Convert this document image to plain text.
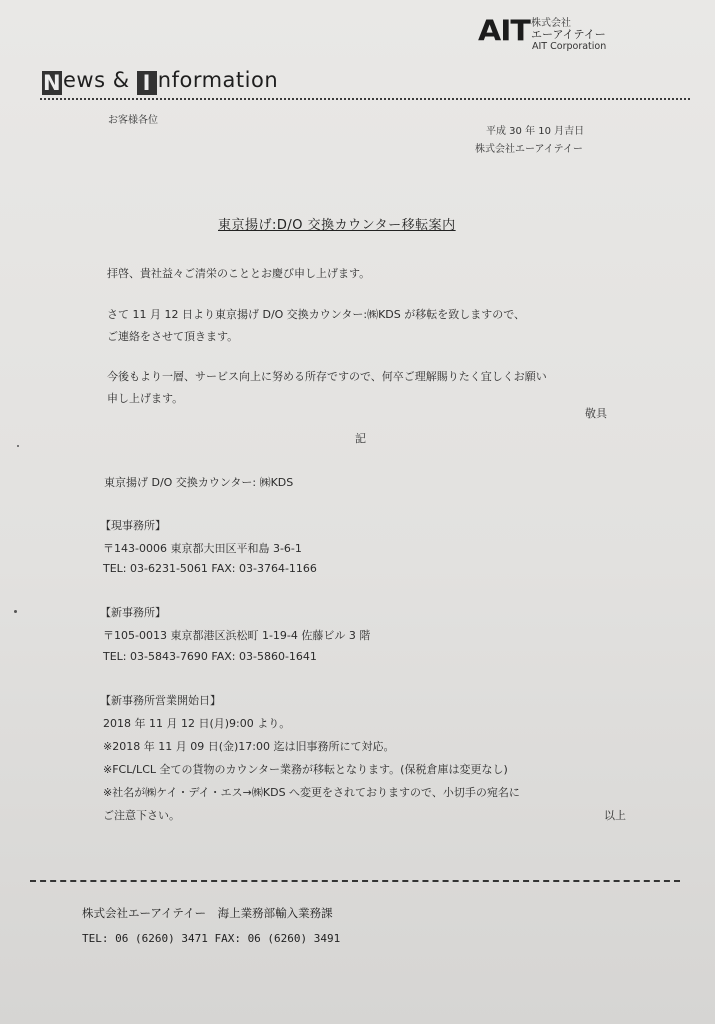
AIT 株式会社
エーアイテイー
AIT Corporation
News & I nformation
お客様各位
平成 30 年 10 月吉日
株式会社エーアイテイー
東京揚げ:D/O 交換カウンター移転案内
拝啓、貴社益々ご清栄のこととお慶び申し上げます。
さて 11 月 12 日より東京揚げ D/O 交換カウンター:㈱KDS が移転を致しますので、
ご連絡をさせて頂きます。
今後もより一層、サービス向上に努める所存ですので、何卒ご理解賜りたく宜しくお願い
申し上げます。
敬具
記
東京揚げ D/O 交換カウンター: ㈱KDS
【現事務所】
〒143-0006 東京都大田区平和島 3-6-1
TEL: 03-6231-5061 FAX: 03-3764-1166
【新事務所】
〒105-0013 東京都港区浜松町 1-19-4 佐藤ビル 3 階
TEL: 03-5843-7690 FAX: 03-5860-1641
【新事務所営業開始日】
2018 年 11 月 12 日(月)9:00 より。
※2018 年 11 月 09 日(金)17:00 迄は旧事務所にて対応。
※FCL/LCL 全ての貨物のカウンター業務が移転となります。(保税倉庫は変更なし)
※社名が㈱ケイ・デイ・エス→㈱KDS へ変更をされておりますので、小切手の宛名に
ご注意下さい。	以上
株式会社エーアイテイー　海上業務部輸入業務課
TEL: 06 (6260) 3471 FAX: 06 (6260) 3491
